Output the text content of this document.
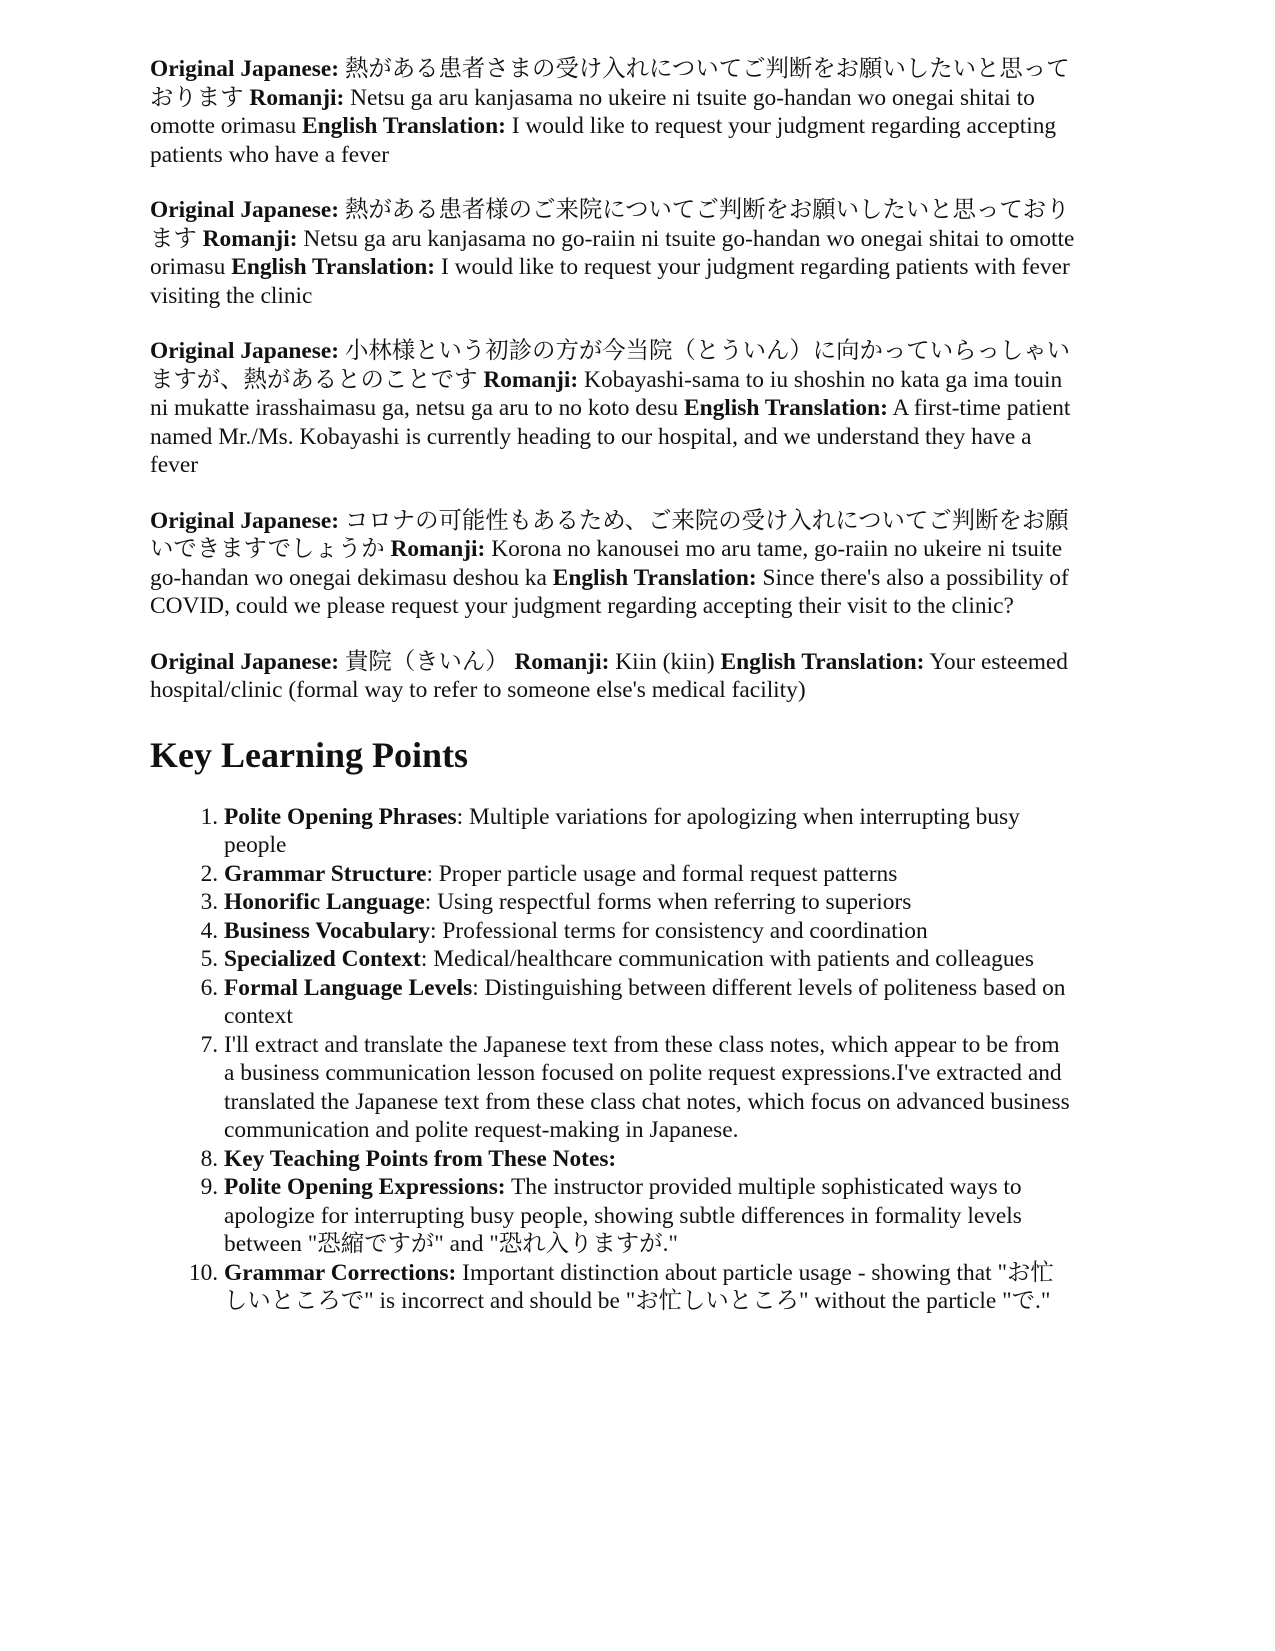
Original Japanese: 熱がある患者さまの受け入れについてご判断をお願いしたいと思っております Romanji: Netsu ga aru kanjasama no ukeire ni tsuite go-handan wo onegai shitai to omotte orimasu English Translation: I would like to request your judgment regarding accepting patients who have a fever

Original Japanese: 熱がある患者様のご来院についてご判断をお願いしたいと思っております Romanji: Netsu ga aru kanjasama no go-raiin ni tsuite go-handan wo onegai shitai to omotte orimasu English Translation: I would like to request your judgment regarding patients with fever visiting the clinic

Original Japanese: 小林様という初診の方が今当院（とういん）に向かっていらっしゃいますが、熱があるとのことです Romanji: Kobayashi-sama to iu shoshin no kata ga ima touin ni mukatte irasshaimasu ga, netsu ga aru to no koto desu English Translation: A first-time patient named Mr./Ms. Kobayashi is currently heading to our hospital, and we understand they have a fever

Original Japanese: コロナの可能性もあるため、ご来院の受け入れについてご判断をお願いできますでしょうか Romanji: Korona no kanousei mo aru tame, go-raiin no ukeire ni tsuite go-handan wo onegai dekimasu deshou ka English Translation: Since there's also a possibility of COVID, could we please request your judgment regarding accepting their visit to the clinic?

Original Japanese: 貴院（きいん） Romanji: Kiin (kiin) English Translation: Your esteemed hospital/clinic (formal way to refer to someone else's medical facility)

Key Learning Points
1. Polite Opening Phrases: Multiple variations for apologizing when interrupting busy people
2. Grammar Structure: Proper particle usage and formal request patterns
3. Honorific Language: Using respectful forms when referring to superiors
4. Business Vocabulary: Professional terms for consistency and coordination
5. Specialized Context: Medical/healthcare communication with patients and colleagues
6. Formal Language Levels: Distinguishing between different levels of politeness based on context
7. I'll extract and translate the Japanese text from these class notes, which appear to be from a business communication lesson focused on polite request expressions.I've extracted and translated the Japanese text from these class chat notes, which focus on advanced business communication and polite request-making in Japanese.
8. Key Teaching Points from These Notes:
9. Polite Opening Expressions: The instructor provided multiple sophisticated ways to apologize for interrupting busy people, showing subtle differences in formality levels between "恐縮ですが" and "恐れ入りますが."
10. Grammar Corrections: Important distinction about particle usage - showing that "お忙しいところで" is incorrect and should be "お忙しいところ" without the particle "で."
